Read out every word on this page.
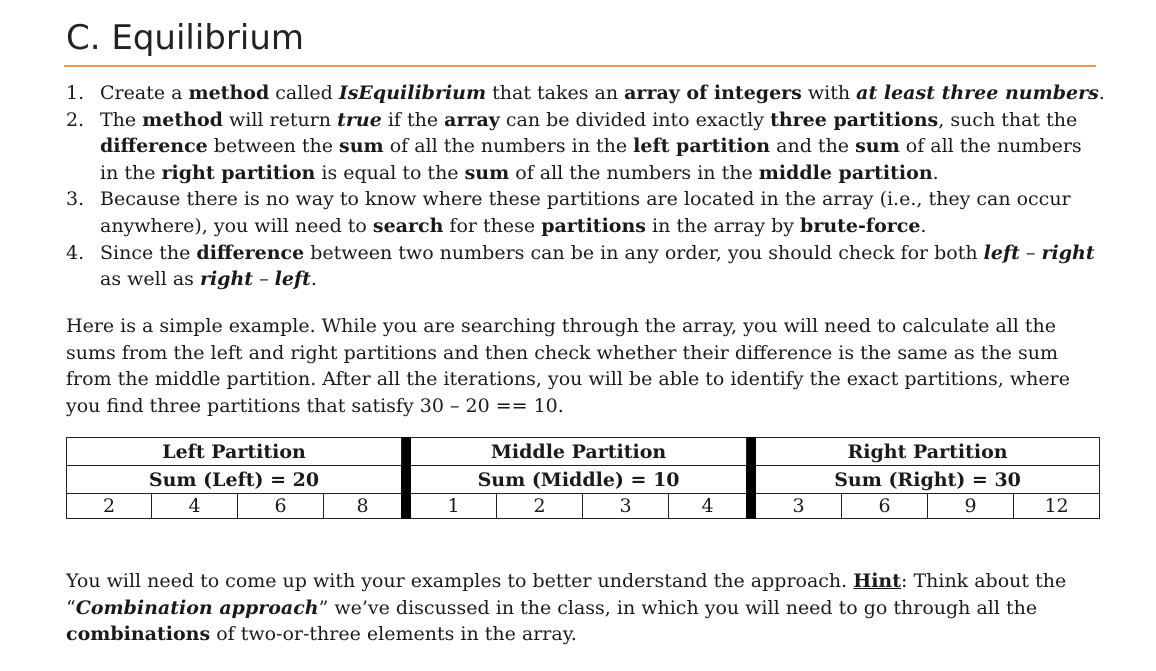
C. Equilibrium
1. Create a method called IsEquilibrium that takes an array of integers with at least three numbers.
2. The method will return true if the array can be divided into exactly three partitions, such that the difference between the sum of all the numbers in the left partition and the sum of all the numbers in the right partition is equal to the sum of all the numbers in the middle partition.
3. Because there is no way to know where these partitions are located in the array (i.e., they can occur anywhere), you will need to search for these partitions in the array by brute-force.
4. Since the difference between two numbers can be in any order, you should check for both left – right as well as right – left.

Here is a simple example. While you are searching through the array, you will need to calculate all the sums from the left and right partitions and then check whether their difference is the same as the sum from the middle partition. After all the iterations, you will be able to identify the exact partitions, where you find three partitions that satisfy 30 – 20 == 10.

Left Partition					Middle Partition					Right Partition			
Sum (Left) = 20					Sum (Middle) = 10					Sum (Right) = 30			
2	4	6	8		1	2	3	4		3	6	9	12

You will need to come up with your examples to better understand the approach. Hint: Think about the “Combination approach” we’ve discussed in the class, in which you will need to go through all the combinations of two-or-three elements in the array.
